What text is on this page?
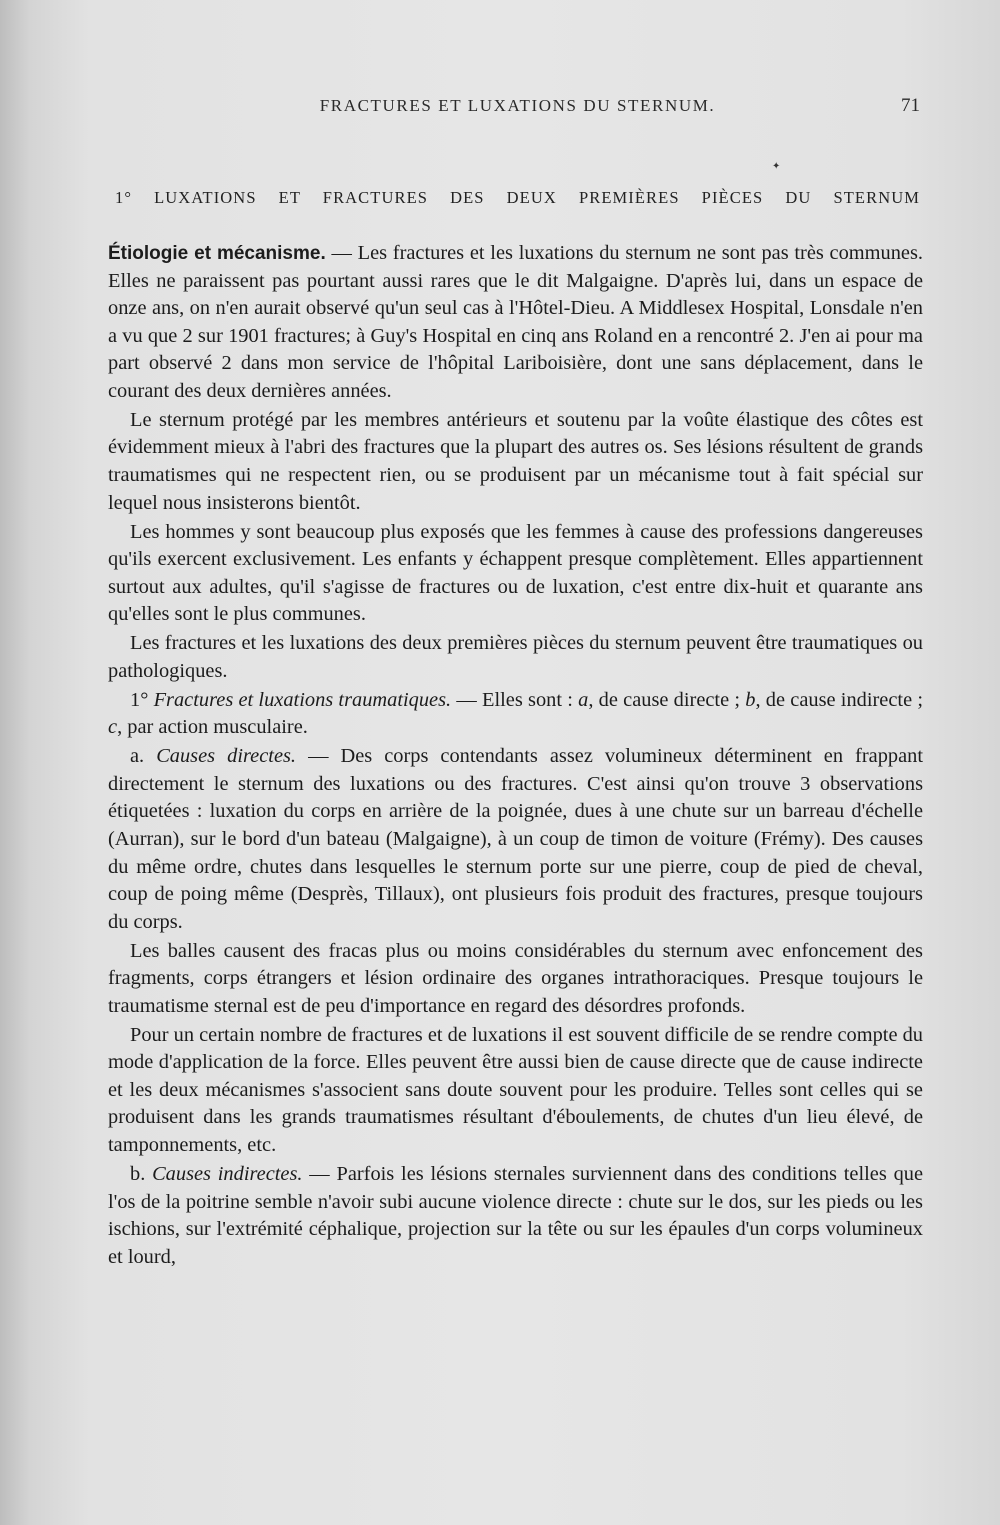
FRACTURES ET LUXATIONS DU STERNUM.	71
✦
1° LUXATIONS ET FRACTURES DES DEUX PREMIÈRES PIÈCES DU STERNUM

Étiologie et mécanisme. — Les fractures et les luxations du sternum ne sont pas très communes. Elles ne paraissent pas pourtant aussi rares que le dit Malgaigne. D'après lui, dans un espace de onze ans, on n'en aurait observé qu'un seul cas à l'Hôtel-Dieu. A Middlesex Hospital, Lonsdale n'en a vu que 2 sur 1901 fractures; à Guy's Hospital en cinq ans Roland en a rencontré 2. J'en ai pour ma part observé 2 dans mon service de l'hôpital Lariboisière, dont une sans déplacement, dans le courant des deux dernières années.

Le sternum protégé par les membres antérieurs et soutenu par la voûte élastique des côtes est évidemment mieux à l'abri des fractures que la plupart des autres os. Ses lésions résultent de grands traumatismes qui ne respectent rien, ou se produisent par un mécanisme tout à fait spécial sur lequel nous insisterons bientôt.

Les hommes y sont beaucoup plus exposés que les femmes à cause des professions dangereuses qu'ils exercent exclusivement. Les enfants y échappent presque complètement. Elles appartiennent surtout aux adultes, qu'il s'agisse de fractures ou de luxation, c'est entre dix-huit et quarante ans qu'elles sont le plus communes.

Les fractures et les luxations des deux premières pièces du sternum peuvent être traumatiques ou pathologiques.

1° Fractures et luxations traumatiques. — Elles sont : a, de cause directe ; b, de cause indirecte ; c, par action musculaire.

a. Causes directes. — Des corps contendants assez volumineux déterminent en frappant directement le sternum des luxations ou des fractures. C'est ainsi qu'on trouve 3 observations étiquetées : luxation du corps en arrière de la poignée, dues à une chute sur un barreau d'échelle (Aurran), sur le bord d'un bateau (Malgaigne), à un coup de timon de voiture (Frémy). Des causes du même ordre, chutes dans lesquelles le sternum porte sur une pierre, coup de pied de cheval, coup de poing même (Desprès, Tillaux), ont plusieurs fois produit des fractures, presque toujours du corps.

Les balles causent des fracas plus ou moins considérables du sternum avec enfoncement des fragments, corps étrangers et lésion ordinaire des organes intrathoraciques. Presque toujours le traumatisme sternal est de peu d'importance en regard des désordres profonds.

Pour un certain nombre de fractures et de luxations il est souvent difficile de se rendre compte du mode d'application de la force. Elles peuvent être aussi bien de cause directe que de cause indirecte et les deux mécanismes s'associent sans doute souvent pour les produire. Telles sont celles qui se produisent dans les grands traumatismes résultant d'éboulements, de chutes d'un lieu élevé, de tamponnements, etc.

b. Causes indirectes. — Parfois les lésions sternales surviennent dans des conditions telles que l'os de la poitrine semble n'avoir subi aucune violence directe : chute sur le dos, sur les pieds ou les ischions, sur l'extrémité céphalique, projection sur la tête ou sur les épaules d'un corps volumineux et lourd,
